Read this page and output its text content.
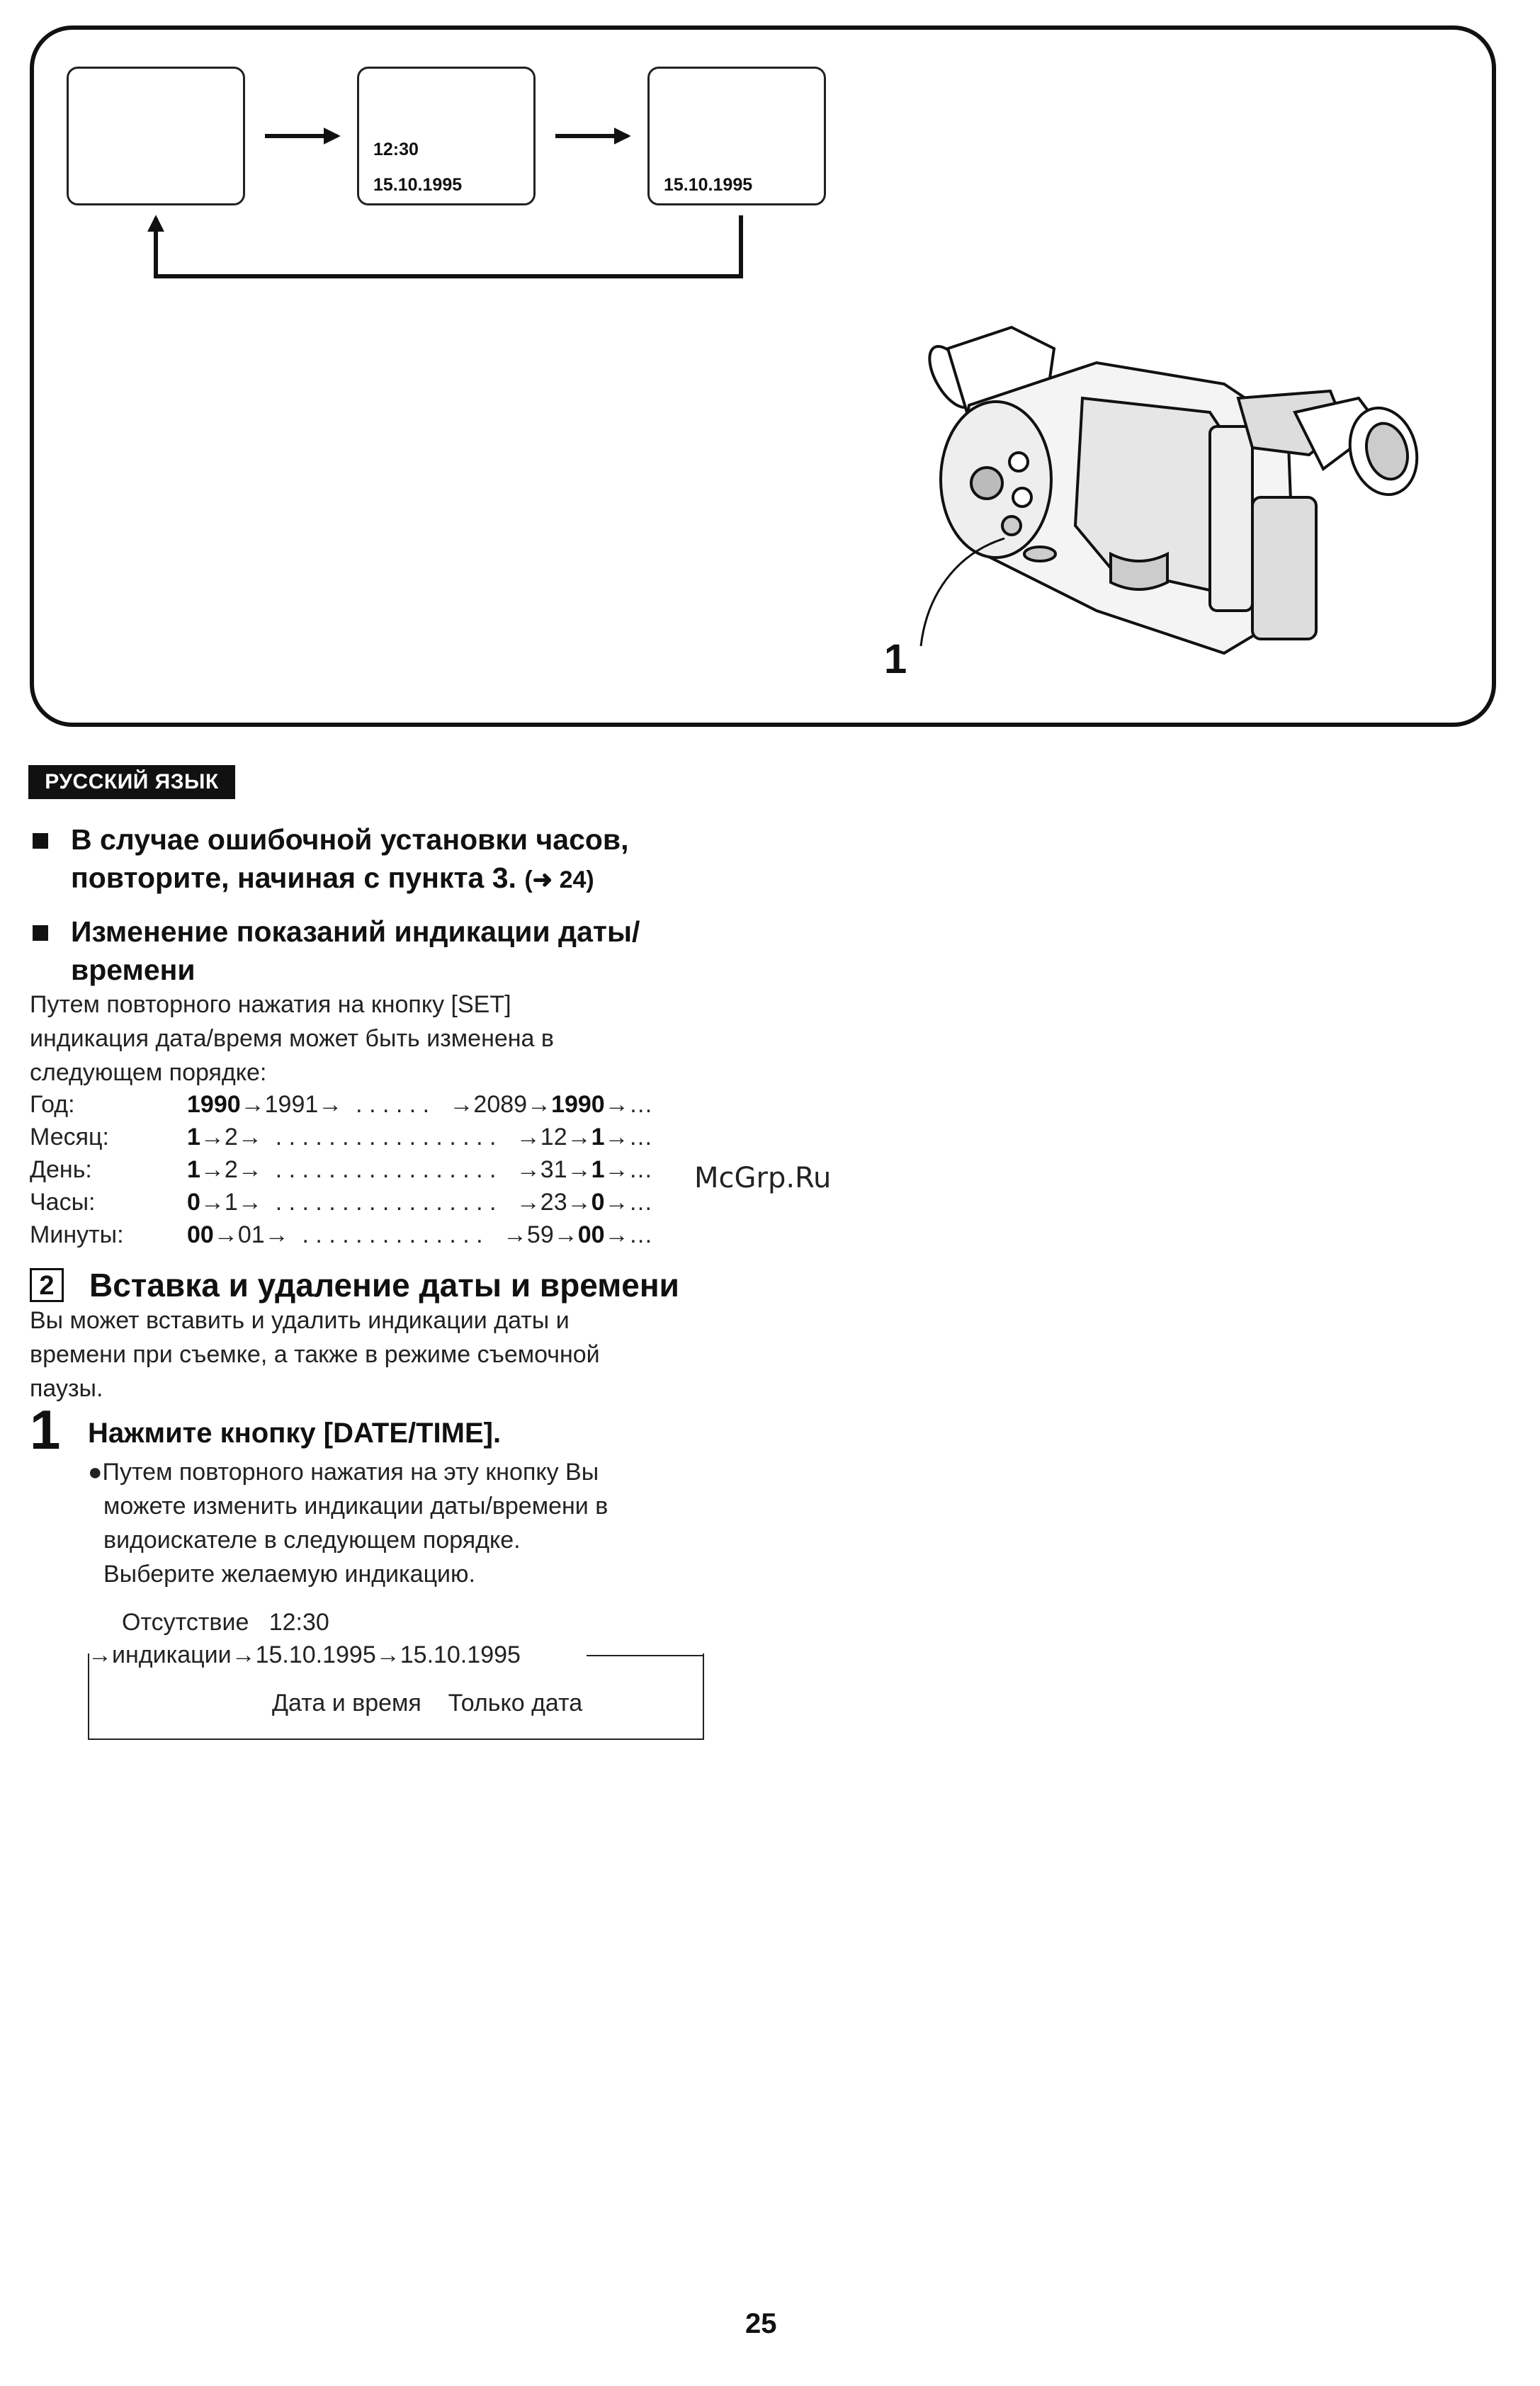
12:30
15.10.1995	15.10.1995
1
РУССКИЙ ЯЗЫК
В случае ошибочной установки часов,
повторите, начиная с пункта 3. (➜ 24)
Изменение показаний индикации даты/
времени
Путем повторного нажатия на кнопку [SET]
индикация дата/время может быть изменена в
следующем порядке:
Год:	1990→1991→  . . . . . .   →2089→1990→…
Месяц:	1→2→  . . . . . . . . . . . . . . . . .   →12→1→…
День:	1→2→  . . . . . . . . . . . . . . . . .   →31→1→…
Часы:	0→1→  . . . . . . . . . . . . . . . . .   →23→0→…
Минуты:	00→01→  . . . . . . . . . . . . . .   →59→00→…
McGrp.Ru
2 Вставка и удаление даты и времени
Вы может вставить и удалить индикации даты и
времени при съемке, а также в режиме съемочной
паузы.
1 Нажмите кнопку [DATE/TIME].
●Путем повторного нажатия на эту кнопку Вы
можете изменить индикации даты/времени в
видоискателе в следующем порядке.
Выберите желаемую индикацию.
Отсутствие   12:30
→индикации→15.10.1995→15.10.1995
Дата и время    Только дата
25
